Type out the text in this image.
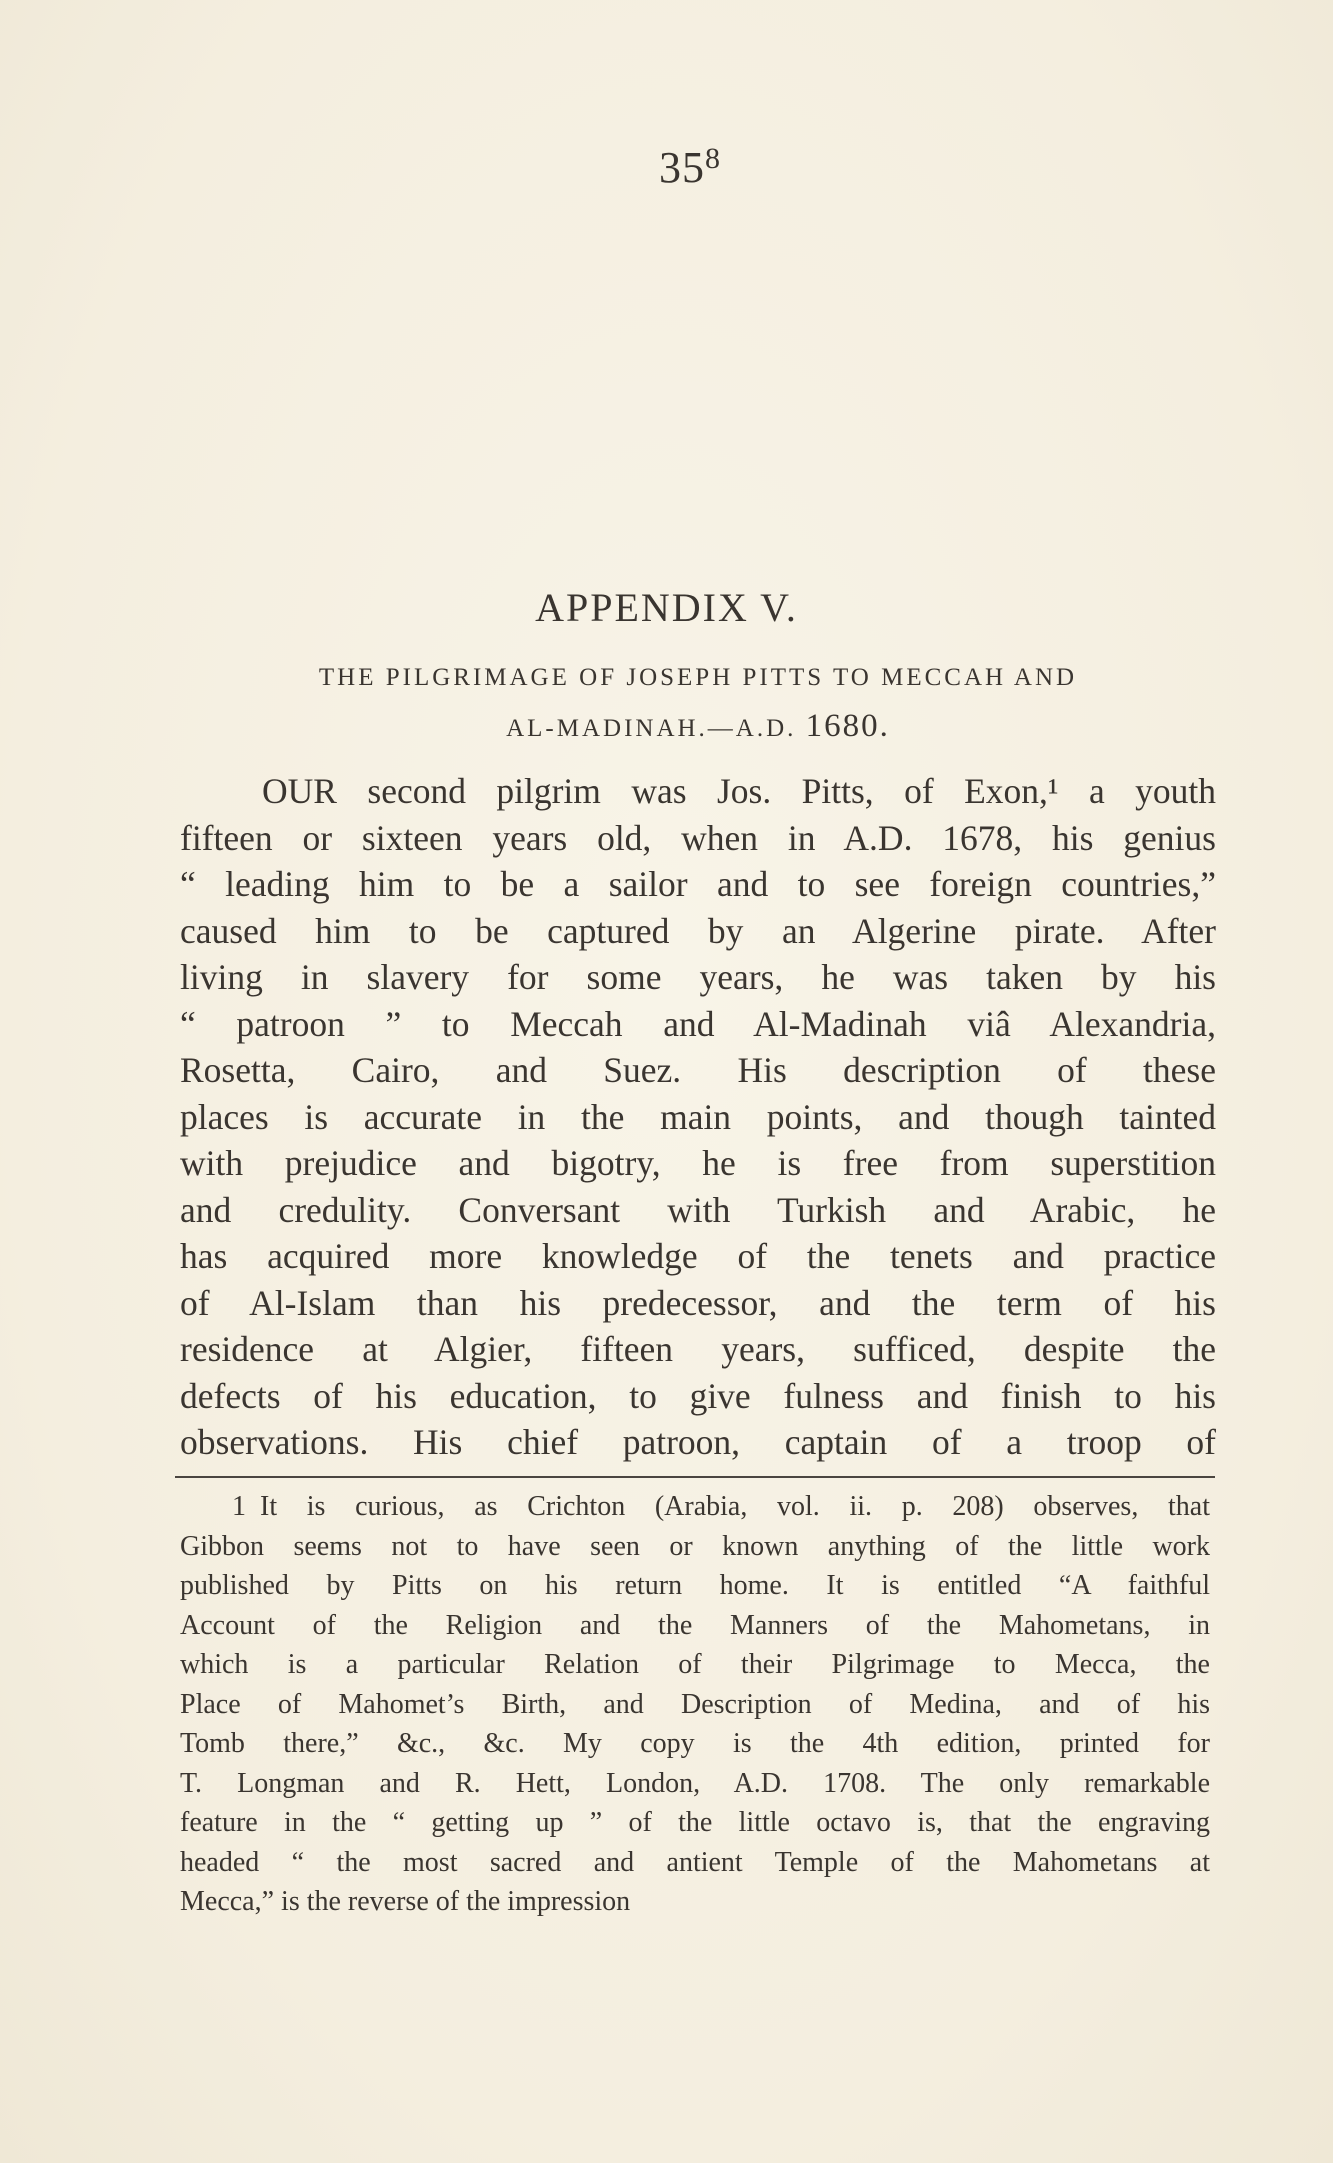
$35^8$
APPENDIX V.
THE PILGRIMAGE OF JOSEPH PITTS TO MECCAH AND
AL-MADINAH.—A.D. 1680.
OUR second pilgrim was Jos. Pitts, of Exon,¹ a youth
fifteen or sixteen years old, when in A.D. 1678, his genius
“ leading him to be a sailor and to see foreign countries,”
caused him to be captured by an Algerine pirate. After
living in slavery for some years, he was taken by his
“ patroon ” to Meccah and Al-Madinah viâ Alexandria,
Rosetta, Cairo, and Suez. His description of these
places is accurate in the main points, and though tainted
with prejudice and bigotry, he is free from superstition
and credulity. Conversant with Turkish and Arabic, he
has acquired more knowledge of the tenets and practice
of Al-Islam than his predecessor, and the term of his
residence at Algier, fifteen years, sufficed, despite the
defects of his education, to give fulness and finish to his
observations. His chief patroon, captain of a troop of
1 It is curious, as Crichton (Arabia, vol. ii. p. 208) observes, that
Gibbon seems not to have seen or known anything of the little work
published by Pitts on his return home. It is entitled “A faithful
Account of the Religion and the Manners of the Mahometans, in
which is a particular Relation of their Pilgrimage to Mecca, the
Place of Mahomet’s Birth, and Description of Medina, and of his
Tomb there,” &c., &c. My copy is the 4th edition, printed for
T. Longman and R. Hett, London, A.D. 1708. The only remarkable
feature in the “ getting up ” of the little octavo is, that the engraving
headed “ the most sacred and antient Temple of the Mahometans at
Mecca,” is the reverse of the impression
